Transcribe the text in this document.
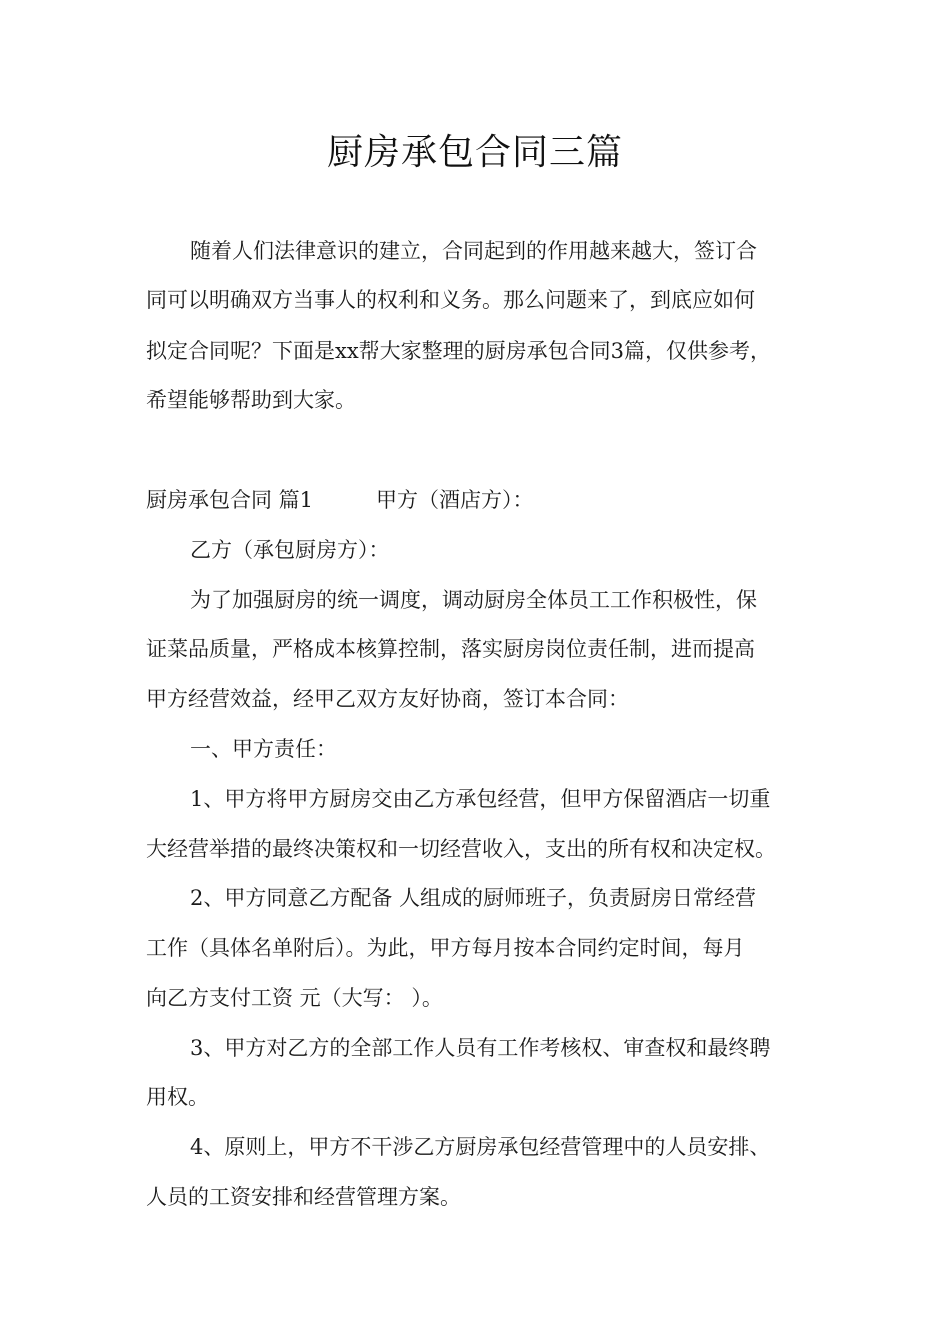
厨房承包合同三篇
随着人们法律意识的建立，合同起到的作用越来越大，签订合
同可以明确双方当事人的权利和义务。那么问题来了，到底应如何
拟定合同呢？下面是xx帮大家整理的厨房承包合同3篇，仅供参考，
希望能够帮助到大家。
厨房承包合同 篇1	甲方（酒店方）：
乙方（承包厨房方）：
为了加强厨房的统一调度，调动厨房全体员工工作积极性，保
证菜品质量，严格成本核算控制，落实厨房岗位责任制，进而提高
甲方经营效益，经甲乙双方友好协商，签订本合同：
一、甲方责任：
1、甲方将甲方厨房交由乙方承包经营，但甲方保留酒店一切重
大经营举措的最终决策权和一切经营收入，支出的所有权和决定权。
2、甲方同意乙方配备 人组成的厨师班子，负责厨房日常经营
工作（具体名单附后）。为此，甲方每月按本合同约定时间，每月
向乙方支付工资 元（大写： ）。
3、甲方对乙方的全部工作人员有工作考核权、审查权和最终聘
用权。
4、原则上，甲方不干涉乙方厨房承包经营管理中的人员安排、
人员的工资安排和经营管理方案。
